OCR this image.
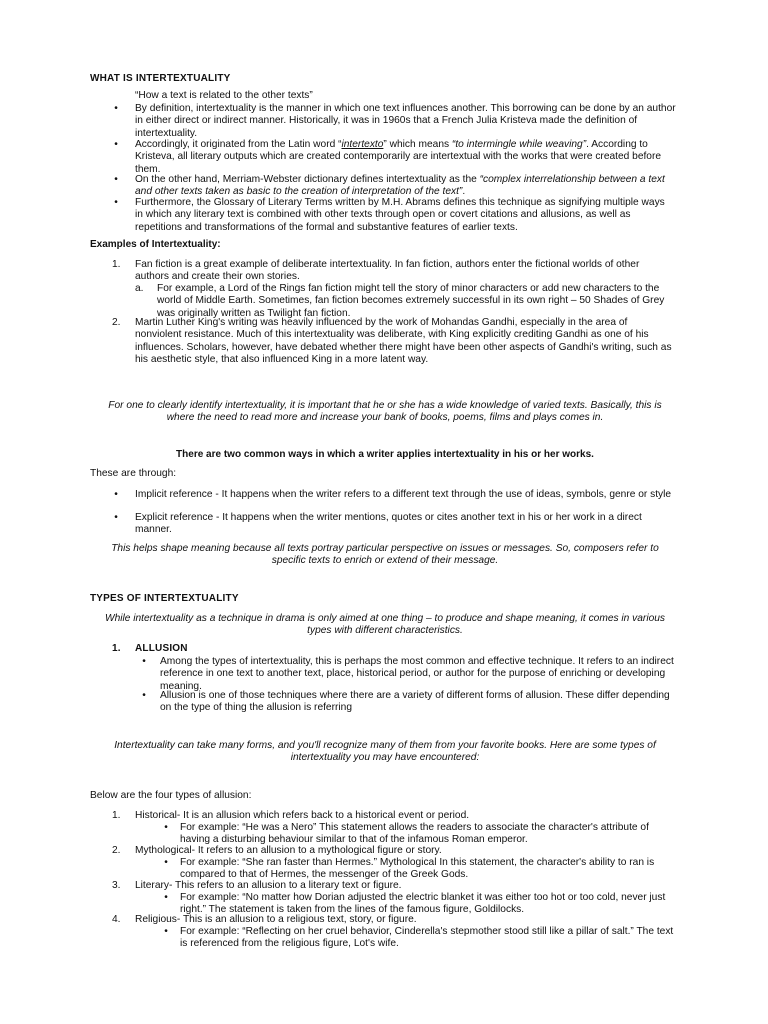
WHAT IS INTERTEXTUALITY
“How a text is related to the other texts”
•	By definition, intertextuality is the manner in which one text influences another. This borrowing can be done by an author in either direct or indirect manner. Historically, it was in 1960s that a French Julia Kristeva made the definition of intertextuality.
•	Accordingly, it originated from the Latin word “intertexto” which means “to intermingle while weaving”. According to Kristeva, all literary outputs which are created contemporarily are intertextual with the works that were created before them.
•	On the other hand, Merriam-Webster dictionary defines intertextuality as the “complex interrelationship between a text and other texts taken as basic to the creation of interpretation of the text”.
•	Furthermore, the Glossary of Literary Terms written by M.H. Abrams defines this technique as signifying multiple ways in which any literary text is combined with other texts through open or covert citations and allusions, as well as repetitions and transformations of the formal and substantive features of earlier texts.
Examples of Intertextuality:
1. Fan fiction is a great example of deliberate intertextuality. In fan fiction, authors enter the fictional worlds of other authors and create their own stories.
a. For example, a Lord of the Rings fan fiction might tell the story of minor characters or add new characters to the world of Middle Earth. Sometimes, fan fiction becomes extremely successful in its own right – 50 Shades of Grey was originally written as Twilight fan fiction.
2. Martin Luther King's writing was heavily influenced by the work of Mohandas Gandhi, especially in the area of nonviolent resistance. Much of this intertextuality was deliberate, with King explicitly crediting Gandhi as one of his influences. Scholars, however, have debated whether there might have been other aspects of Gandhi's writing, such as his aesthetic style, that also influenced King in a more latent way.
For one to clearly identify intertextuality, it is important that he or she has a wide knowledge of varied texts. Basically, this is where the need to read more and increase your bank of books, poems, films and plays comes in.
There are two common ways in which a writer applies intertextuality in his or her works.
These are through:
•	Implicit reference - It happens when the writer refers to a different text through the use of ideas, symbols, genre or style
•	Explicit reference - It happens when the writer mentions, quotes or cites another text in his or her work in a direct manner.
This helps shape meaning because all texts portray particular perspective on issues or messages. So, composers refer to specific texts to enrich or extend of their message.
TYPES OF INTERTEXTUALITY
While intertextuality as a technique in drama is only aimed at one thing – to produce and shape meaning, it comes in various types with different characteristics.
1. ALLUSION
•	Among the types of intertextuality, this is perhaps the most common and effective technique. It refers to an indirect reference in one text to another text, place, historical period, or author for the purpose of enriching or developing meaning.
•	Allusion is one of those techniques where there are a variety of different forms of allusion. These differ depending on the type of thing the allusion is referring
Intertextuality can take many forms, and you'll recognize many of them from your favorite books. Here are some types of intertextuality you may have encountered:
Below are the four types of allusion:
1. Historical- It is an allusion which refers back to a historical event or period.
•	For example: “He was a Nero” This statement allows the readers to associate the character's attribute of having a disturbing behaviour similar to that of the infamous Roman emperor.
2. Mythological- It refers to an allusion to a mythological figure or story.
•	For example: “She ran faster than Hermes.” Mythological In this statement, the character's ability to ran is compared to that of Hermes, the messenger of the Greek Gods.
3. Literary- This refers to an allusion to a literary text or figure.
•	For example: “No matter how Dorian adjusted the electric blanket it was either too hot or too cold, never just right.” The statement is taken from the lines of the famous figure, Goldilocks.
4. Religious- This is an allusion to a religious text, story, or figure.
•	For example: “Reflecting on her cruel behavior, Cinderella's stepmother stood still like a pillar of salt.” The text is referenced from the religious figure, Lot's wife.
